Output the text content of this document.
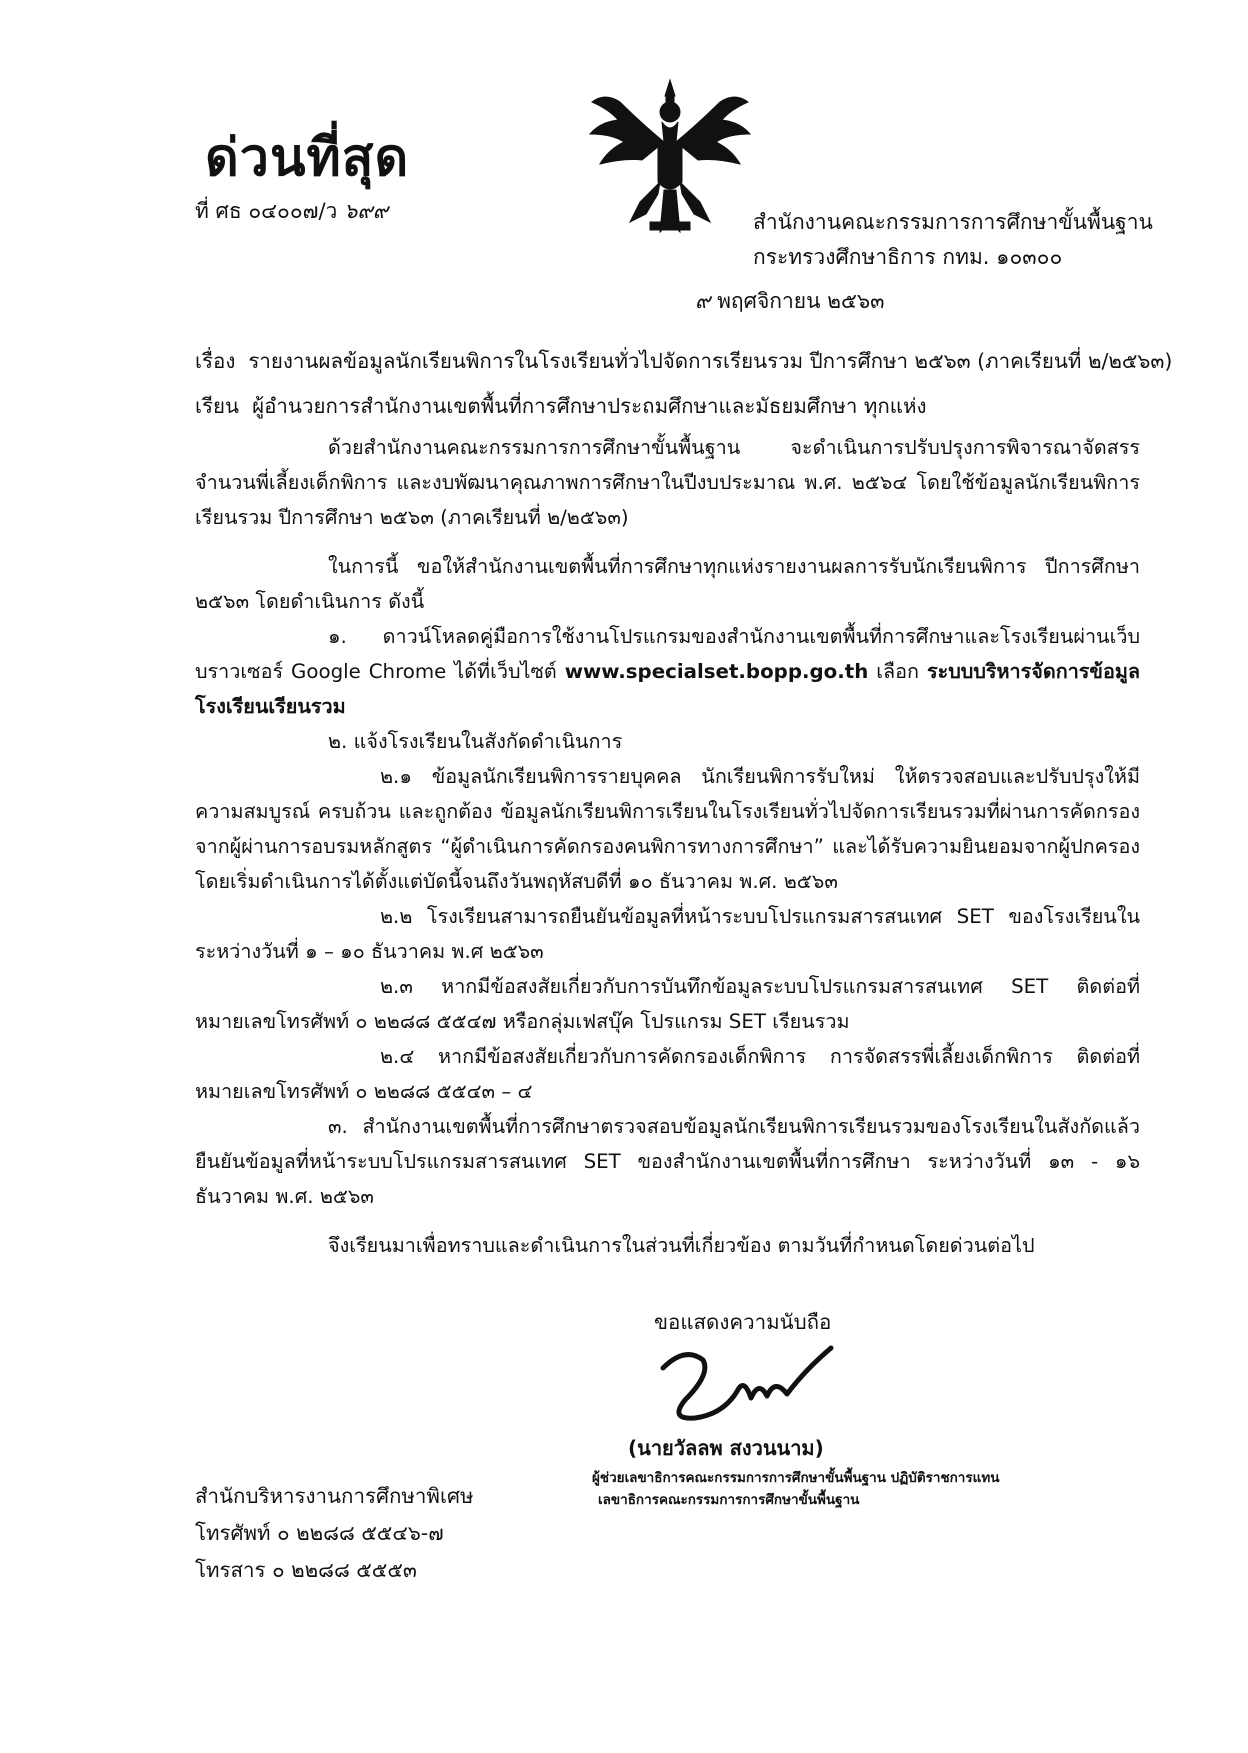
ด่วนที่สุด
ที่ ศธ ๐๔๐๐๗/ว ๖๙๙	สำนักงานคณะกรรมการการศึกษาขั้นพื้นฐาน
กระทรวงศึกษาธิการ กทม. ๑๐๓๐๐
๙ พฤศจิกายน ๒๕๖๓
เรื่อง รายงานผลข้อมูลนักเรียนพิการในโรงเรียนทั่วไปจัดการเรียนรวม ปีการศึกษา ๒๕๖๓ (ภาคเรียนที่ ๒/๒๕๖๓)
เรียน ผู้อำนวยการสำนักงานเขตพื้นที่การศึกษาประถมศึกษาและมัธยมศึกษา ทุกแห่ง

ด้วยสำนักงานคณะกรรมการการศึกษาขั้นพื้นฐาน จะดำเนินการปรับปรุงการพิจารณาจัดสรรจำนวนพี่เลี้ยงเด็กพิการ และงบพัฒนาคุณภาพการศึกษาในปีงบประมาณ พ.ศ. ๒๕๖๔ โดยใช้ข้อมูลนักเรียนพิการเรียนรวม ปีการศึกษา ๒๕๖๓ (ภาคเรียนที่ ๒/๒๕๖๓)

ในการนี้ ขอให้สำนักงานเขตพื้นที่การศึกษาทุกแห่งรายงานผลการรับนักเรียนพิการ ปีการศึกษา ๒๕๖๓ โดยดำเนินการ ดังนี้

๑. ดาวน์โหลดคู่มือการใช้งานโปรแกรมของสำนักงานเขตพื้นที่การศึกษาและโรงเรียนผ่านเว็บบราวเซอร์ Google Chrome ได้ที่เว็บไซต์ www.specialset.bopp.go.th เลือก ระบบบริหารจัดการข้อมูลโรงเรียนเรียนรวม

๒. แจ้งโรงเรียนในสังกัดดำเนินการ

๒.๑ ข้อมูลนักเรียนพิการรายบุคคล นักเรียนพิการรับใหม่ ให้ตรวจสอบและปรับปรุงให้มีความสมบูรณ์ ครบถ้วน และถูกต้อง ข้อมูลนักเรียนพิการเรียนในโรงเรียนทั่วไปจัดการเรียนรวมที่ผ่านการคัดกรองจากผู้ผ่านการอบรมหลักสูตร “ผู้ดำเนินการคัดกรองคนพิการทางการศึกษา” และได้รับความยินยอมจากผู้ปกครอง โดยเริ่มดำเนินการได้ตั้งแต่บัดนี้จนถึงวันพฤหัสบดีที่ ๑๐ ธันวาคม พ.ศ. ๒๕๖๓

๒.๒ โรงเรียนสามารถยืนยันข้อมูลที่หน้าระบบโปรแกรมสารสนเทศ SET ของโรงเรียนในระหว่างวันที่ ๑ – ๑๐ ธันวาคม พ.ศ ๒๕๖๓

๒.๓ หากมีข้อสงสัยเกี่ยวกับการบันทึกข้อมูลระบบโปรแกรมสารสนเทศ SET ติดต่อที่หมายเลขโทรศัพท์ ๐ ๒๒๘๘ ๕๕๔๗ หรือกลุ่มเฟสบุ๊ค โปรแกรม SET เรียนรวม

๒.๔ หากมีข้อสงสัยเกี่ยวกับการคัดกรองเด็กพิการ การจัดสรรพี่เลี้ยงเด็กพิการ ติดต่อที่หมายเลขโทรศัพท์ ๐ ๒๒๘๘ ๕๕๔๓ – ๔

๓. สำนักงานเขตพื้นที่การศึกษาตรวจสอบข้อมูลนักเรียนพิการเรียนรวมของโรงเรียนในสังกัดแล้วยืนยันข้อมูลที่หน้าระบบโปรแกรมสารสนเทศ SET ของสำนักงานเขตพื้นที่การศึกษา ระหว่างวันที่ ๑๓ - ๑๖ ธันวาคม พ.ศ. ๒๕๖๓

จึงเรียนมาเพื่อทราบและดำเนินการในส่วนที่เกี่ยวข้อง ตามวันที่กำหนดโดยด่วนต่อไป

ขอแสดงความนับถือ
(นายวัลลพ สงวนนาม)
ผู้ช่วยเลขาธิการคณะกรรมการการศึกษาขั้นพื้นฐาน ปฏิบัติราชการแทน
เลขาธิการคณะกรรมการการศึกษาขั้นพื้นฐาน
สำนักบริหารงานการศึกษาพิเศษ
โทรศัพท์ ๐ ๒๒๘๘ ๕๕๔๖-๗
โทรสาร ๐ ๒๒๘๘ ๕๕๕๓
